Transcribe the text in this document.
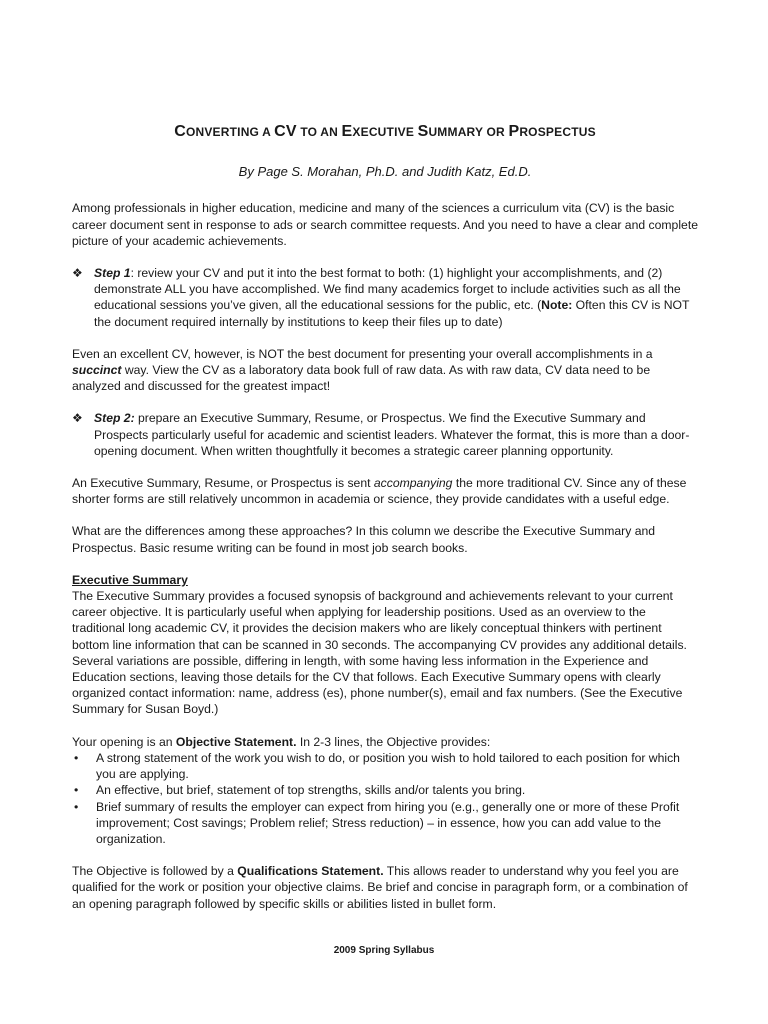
CONVERTING A CV TO AN EXECUTIVE SUMMARY OR PROSPECTUS

By Page S. Morahan, Ph.D. and Judith Katz, Ed.D.

Among professionals in higher education, medicine and many of the sciences a curriculum vita (CV) is the basic career document sent in response to ads or search committee requests. And you need to have a clear and complete picture of your academic achievements.

❖ Step 1: review your CV and put it into the best format to both: (1) highlight your accomplishments, and (2) demonstrate ALL you have accomplished. We find many academics forget to include activities such as all the educational sessions you’ve given, all the educational sessions for the public, etc. (Note: Often this CV is NOT the document required internally by institutions to keep their files up to date)

Even an excellent CV, however, is NOT the best document for presenting your overall accomplishments in a succinct way. View the CV as a laboratory data book full of raw data. As with raw data, CV data need to be analyzed and discussed for the greatest impact!

❖ Step 2: prepare an Executive Summary, Resume, or Prospectus. We find the Executive Summary and Prospects particularly useful for academic and scientist leaders. Whatever the format, this is more than a door-opening document. When written thoughtfully it becomes a strategic career planning opportunity.

An Executive Summary, Resume, or Prospectus is sent accompanying the more traditional CV. Since any of these shorter forms are still relatively uncommon in academia or science, they provide candidates with a useful edge.

What are the differences among these approaches? In this column we describe the Executive Summary and Prospectus. Basic resume writing can be found in most job search books.

Executive Summary

The Executive Summary provides a focused synopsis of background and achievements relevant to your current career objective. It is particularly useful when applying for leadership positions. Used as an overview to the traditional long academic CV, it provides the decision makers who are likely conceptual thinkers with pertinent bottom line information that can be scanned in 30 seconds. The accompanying CV provides any additional details. Several variations are possible, differing in length, with some having less information in the Experience and Education sections, leaving those details for the CV that follows. Each Executive Summary opens with clearly organized contact information: name, address (es), phone number(s), email and fax numbers. (See the Executive Summary for Susan Boyd.)

Your opening is an Objective Statement. In 2-3 lines, the Objective provides:

• A strong statement of the work you wish to do, or position you wish to hold tailored to each position for which you are applying.
• An effective, but brief, statement of top strengths, skills and/or talents you bring.
• Brief summary of results the employer can expect from hiring you (e.g., generally one or more of these Profit improvement; Cost savings; Problem relief; Stress reduction) – in essence, how you can add value to the organization.

The Objective is followed by a Qualifications Statement. This allows reader to understand why you feel you are qualified for the work or position your objective claims. Be brief and concise in paragraph form, or a combination of an opening paragraph followed by specific skills or abilities listed in bullet form.

2009 Spring Syllabus
